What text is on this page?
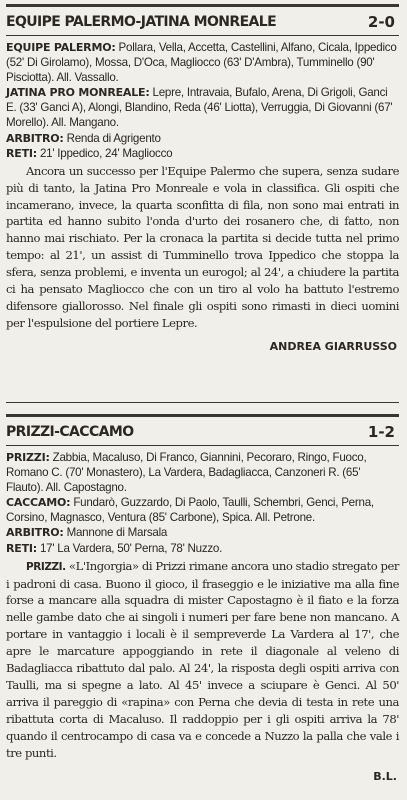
EQUIPE PALERMO-JATINA MONREALE	2-0

EQUIPE PALERMO: Pollara, Vella, Accetta, Castellini, Alfano, Cicala, Ippedico (52' Di Girolamo), Mossa, D'Oca, Magliocco (63' D'Ambra), Tumminello (90' Pisciotta). All. Vassallo.

JATINA PRO MONREALE: Lepre, Intravaia, Bufalo, Arena, Di Grigoli, Ganci E. (33' Ganci A), Alongi, Blandino, Reda (46' Liotta), Verruggia, Di Giovanni (67' Morello). All. Mangano.

ARBITRO: Renda di Agrigento

RETI: 21' Ippedico, 24' Magliocco

Ancora un successo per l'Equipe Palermo che supera, senza sudare più di tanto, la Jatina Pro Monreale e vola in classifica. Gli ospiti che incamerano, invece, la quarta sconfitta di fila, non sono mai entrati in partita ed hanno subito l'onda d'urto dei rosanero che, di fatto, non hanno mai rischiato. Per la cronaca la partita si decide tutta nel primo tempo: al 21', un assist di Tumminello trova Ippedico che stoppa la sfera, senza problemi, e inventa un eurogol; al 24', a chiudere la partita ci ha pensato Magliocco che con un tiro al volo ha battuto l'estremo difensore giallorosso. Nel finale gli ospiti sono rimasti in dieci uomini per l'espulsione del portiere Lepre.

ANDREA GIARRUSSO
PRIZZI-CACCAMO	1-2

PRIZZI: Zabbia, Macaluso, Di Franco, Giannini, Pecoraro, Ringo, Fuoco, Romano C. (70' Monastero), La Vardera, Badagliacca, Canzoneri R. (65' Flauto). All. Capostagno.

CACCAMO: Fundarò, Guzzardo, Di Paolo, Taulli, Schembri, Genci, Perna, Corsino, Magnasco, Ventura (85' Carbone), Spica. All. Petrone.

ARBITRO: Mannone di Marsala

RETI: 17' La Vardera, 50' Perna, 78' Nuzzo.

PRIZZI. «L'Ingorgia» di Prizzi rimane ancora uno stadio stregato per i padroni di casa. Buono il gioco, il fraseggio e le iniziative ma alla fine forse a mancare alla squadra di mister Capostagno è il fiato e la forza nelle gambe dato che ai singoli i numeri per fare bene non mancano. A portare in vantaggio i locali è il sempreverde La Vardera al 17', che apre le marcature appoggiando in rete il diagonale al veleno di Badagliacca ribattuto dal palo. Al 24', la risposta degli ospiti arriva con Taulli, ma si spegne a lato. Al 45' invece a sciupare è Genci. Al 50' arriva il pareggio di «rapina» con Perna che devia di testa in rete una ribattuta corta di Macaluso. Il raddoppio per i gli ospiti arriva la 78' quando il centrocampo di casa va e concede a Nuzzo la palla che vale i tre punti.

B.L.
